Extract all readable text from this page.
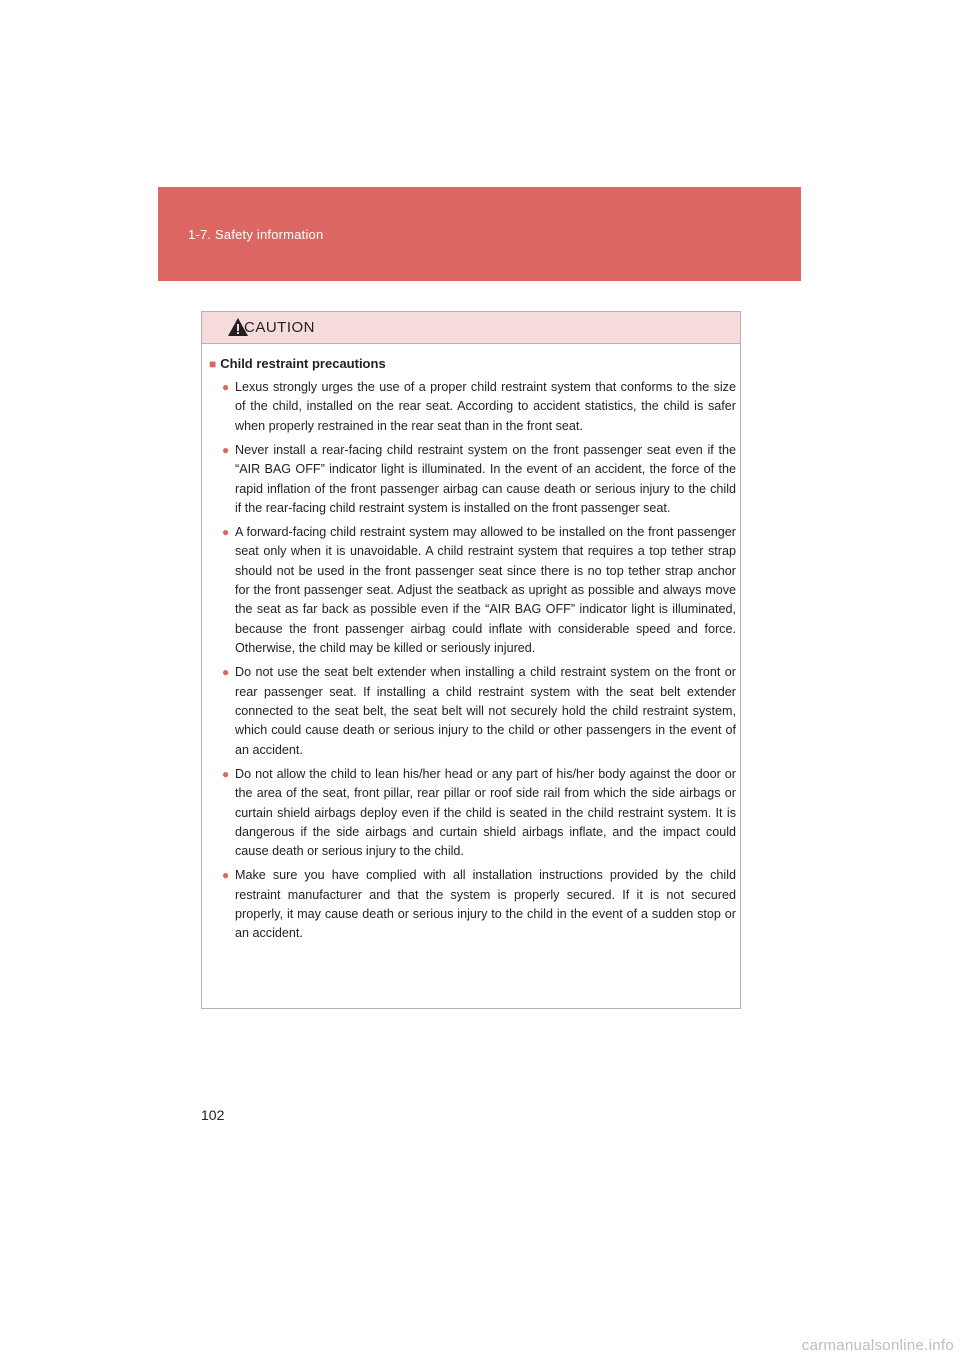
1-7. Safety information
CAUTION
■ Child restraint precautions
● Lexus strongly urges the use of a proper child restraint system that conforms to the size of the child, installed on the rear seat. According to accident statistics, the child is safer when properly restrained in the rear seat than in the front seat.
● Never install a rear-facing child restraint system on the front passenger seat even if the “AIR BAG OFF” indicator light is illuminated. In the event of an accident, the force of the rapid inflation of the front passenger airbag can cause death or serious injury to the child if the rear-facing child restraint system is installed on the front passenger seat.
● A forward-facing child restraint system may allowed to be installed on the front passenger seat only when it is unavoidable. A child restraint system that requires a top tether strap should not be used in the front passenger seat since there is no top tether strap anchor for the front passenger seat. Adjust the seatback as upright as possible and always move the seat as far back as possible even if the “AIR BAG OFF” indicator light is illuminated, because the front passenger airbag could inflate with considerable speed and force. Otherwise, the child may be killed or seriously injured.
● Do not use the seat belt extender when installing a child restraint system on the front or rear passenger seat. If installing a child restraint system with the seat belt extender connected to the seat belt, the seat belt will not securely hold the child restraint system, which could cause death or serious injury to the child or other passengers in the event of an accident.
● Do not allow the child to lean his/her head or any part of his/her body against the door or the area of the seat, front pillar, rear pillar or roof side rail from which the side airbags or curtain shield airbags deploy even if the child is seated in the child restraint system. It is dangerous if the side airbags and curtain shield airbags inflate, and the impact could cause death or serious injury to the child.
● Make sure you have complied with all installation instructions provided by the child restraint manufacturer and that the system is properly secured. If it is not secured properly, it may cause death or serious injury to the child in the event of a sudden stop or an accident.
102
carmanualsonline.info
